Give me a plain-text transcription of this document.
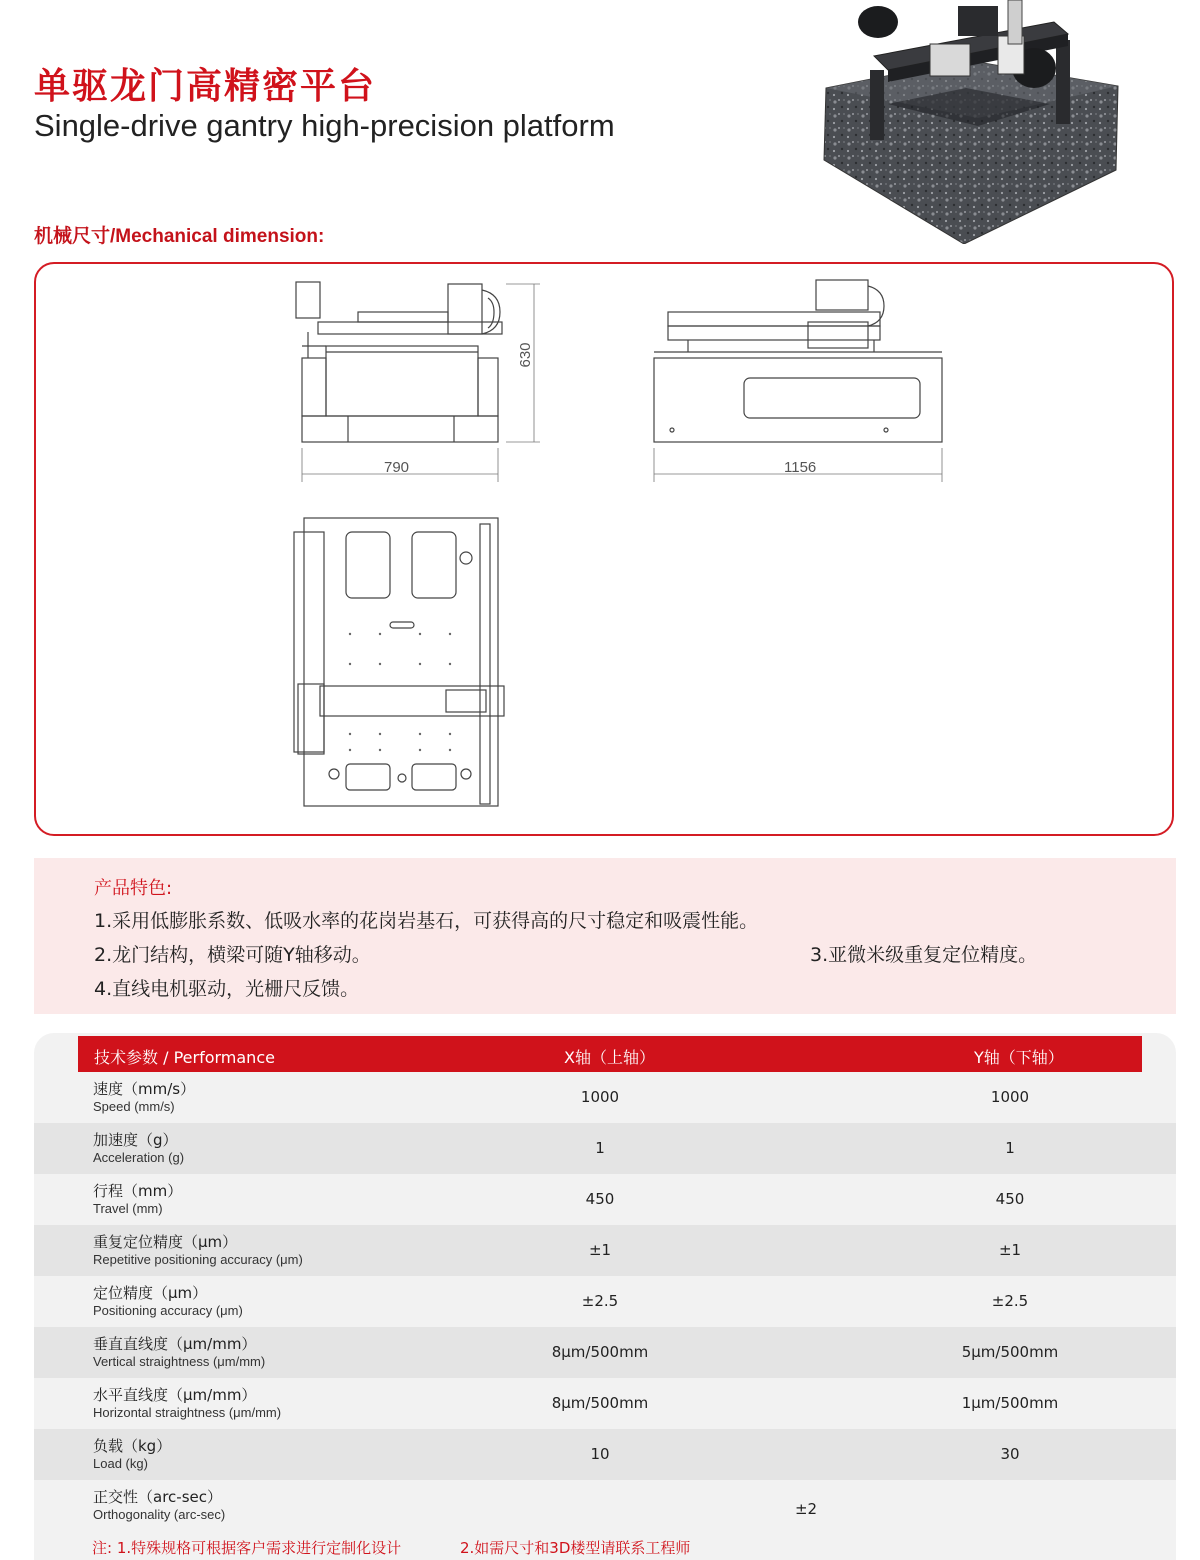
单驱龙门高精密平台
Single-drive gantry high-precision platform
机械尺寸/Mechanical dimension:
630
790	1156
产品特色:
1.采用低膨胀系数、低吸水率的花岗岩基石，可获得高的尺寸稳定和吸震性能。
2.龙门结构，横梁可随Y轴移动。	3.亚微米级重复定位精度。
4.直线电机驱动，光栅尺反馈。
技术参数 / Performance	X轴（上轴）	Y轴（下轴）
速度（mm/s）
Speed (mm/s)
1000	1000
加速度（g）
Acceleration (g)
1	1
行程（mm）
Travel (mm)
450	450
重复定位精度（μm）
Repetitive positioning accuracy (μm)
±1	±1
定位精度（μm）
Positioning accuracy (μm)
±2.5	±2.5
垂直直线度（μm/mm）
Vertical straightness (μm/mm)
8μm/500mm	5μm/500mm
水平直线度（μm/mm）
Horizontal straightness (μm/mm)
8μm/500mm	1μm/500mm
负载（kg）
Load (kg)
10	30
正交性（arc-sec）
Orthogonality (arc-sec)	±2
注: 1.特殊规格可根据客户需求进行定制化设计	2.如需尺寸和3D楼型请联系工程师
